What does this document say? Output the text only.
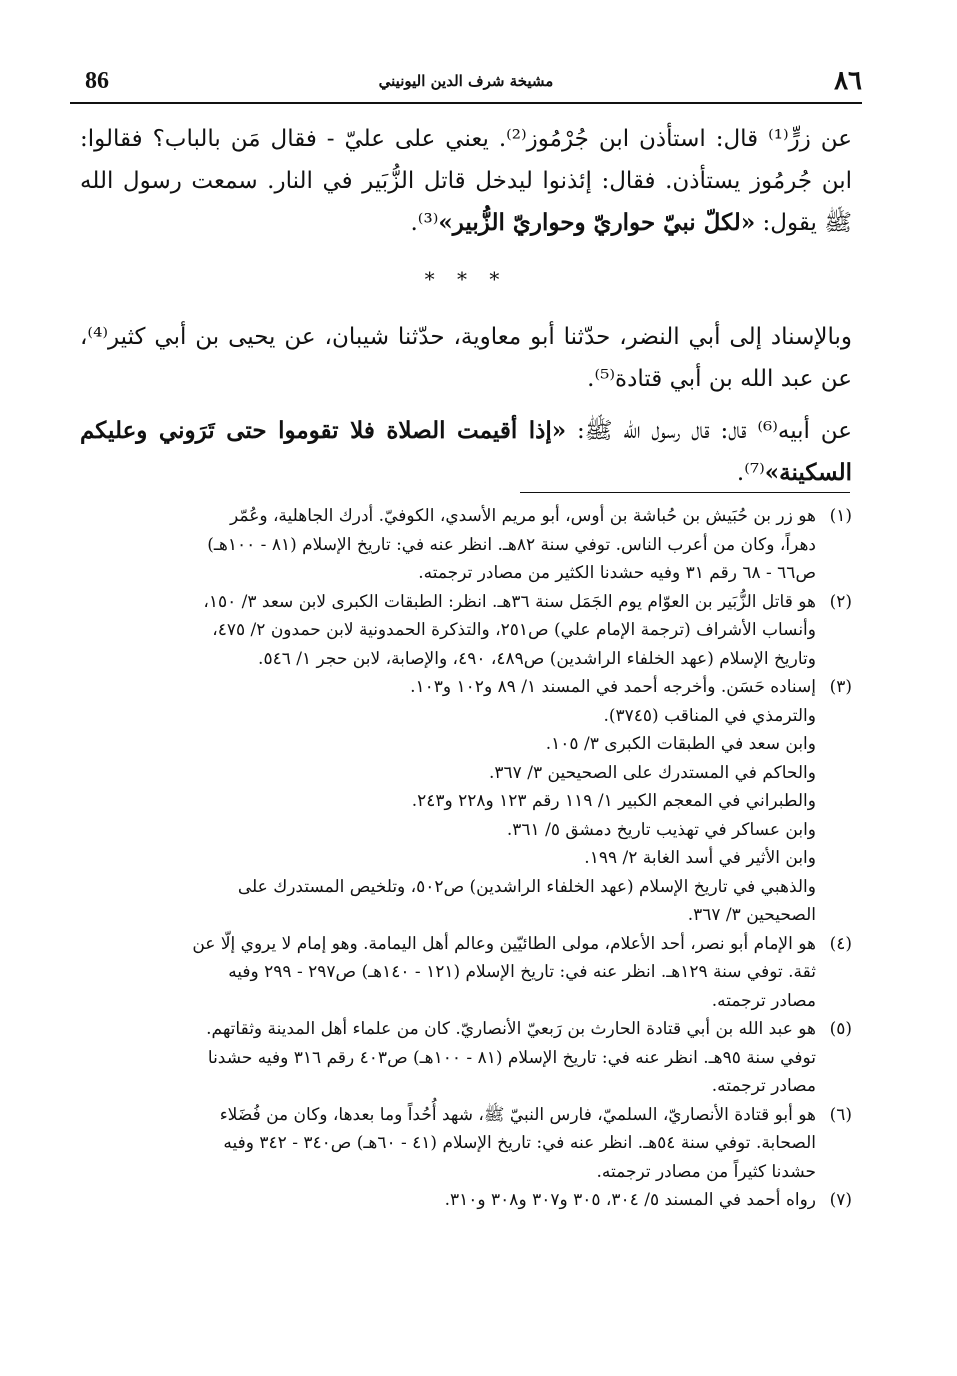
86	مشيخة شرف الدين اليونيني	٨٦

عن زرٍّ⁽¹⁾ قال: استأذن ابن جُرْمُوز⁽²⁾. يعني على عليّ - فقال مَن بالباب؟ فقالوا: ابن جُرمُوز يستأذن. فقال: إئذنوا ليدخل قاتل الزُّبَير في النار. سمعت رسول الله ﷺ يقول: «لكلّ نبيّ حواريّ وحواريّ الزُّبير»⁽³⁾.

* * *

وبالإسناد إلى أبي النضر، حدّثنا أبو معاوية، حدّثنا شيبان، عن يحيى بن أبي كثير⁽⁴⁾، عن عبد الله بن أبي قتادة⁽⁵⁾.

عن أبيه⁽⁶⁾ قال: قال رسول الله ﷺ: «إذا أقيمت الصلاة فلا تقوموا حتى تَرَوني وعليكم السكينة»⁽⁷⁾.

(١)
هو زر بن حُبَيش بن حُباشة بن أوس، أبو مريم الأسدي، الكوفيّ. أدرك الجاهلية، وعُمّر
دهراً، وكان من أعرب الناس. توفي سنة ٨٢هـ. انظر عنه في: تاريخ الإسلام (٨١ - ١٠٠هـ)
ص٦٦ - ٦٨ رقم ٣١ وفيه حشدنا الكثير من مصادر ترجمته.
(٢)
هو قاتل الزُّبَير بن العوّام يوم الجَمَل سنة ٣٦هـ. انظر: الطبقات الكبرى لابن سعد ٣/ ١٥٠،
وأنساب الأشراف (ترجمة الإمام علي) ص٢٥١، والتذكرة الحمدونية لابن حمدون ٢/ ٤٧٥،
وتاريخ الإسلام (عهد الخلفاء الراشدين) ص٤٨٩، ٤٩٠، والإصابة، لابن حجر ١/ ٥٤٦.
(٣)
إسناده حَسَن. وأخرجه أحمد في المسند ١/ ٨٩ و١٠٢ و١٠٣.
والترمذي في المناقب (٣٧٤٥).
وابن سعد في الطبقات الكبرى ٣/ ١٠٥.
والحاكم في المستدرك على الصحيحين ٣/ ٣٦٧.
والطبراني في المعجم الكبير ١/ ١١٩ رقم ١٢٣ و٢٢٨ و٢٤٣.
وابن عساكر في تهذيب تاريخ دمشق ٥/ ٣٦١.
وابن الأثير في أسد الغابة ٢/ ١٩٩.
والذهبي في تاريخ الإسلام (عهد الخلفاء الراشدين) ص٥٠٢، وتلخيص المستدرك على
الصحيحين ٣/ ٣٦٧.
(٤)
هو الإمام أبو نصر، أحد الأعلام، مولى الطائيّين وعالم أهل اليمامة. وهو إمام لا يروي إلّا عن
ثقة. توفي سنة ١٢٩هـ. انظر عنه في: تاريخ الإسلام (١٢١ - ١٤٠هـ) ص٢٩٧ - ٢٩٩ وفيه
مصادر ترجمته.
(٥)
هو عبد الله بن أبي قتادة الحارث بن رَبعيّ الأنصاريّ. كان من علماء أهل المدينة وثقاتهم.
توفي سنة ٩٥هـ. انظر عنه في: تاريخ الإسلام (٨١ - ١٠٠هـ) ص٤٠٣ رقم ٣١٦ وفيه حشدنا
مصادر ترجمته.
(٦)
هو أبو قتادة الأنصاريّ، السلميّ، فارس النبيّ ﷺ، شهد أُحُداً وما بعدها، وكان من فُضَلاء
الصحابة. توفي سنة ٥٤هـ. انظر عنه في: تاريخ الإسلام (٤١ - ٦٠هـ) ص٣٤٠ - ٣٤٢ وفيه
حشدنا كثيراً من مصادر ترجمته.
(٧)
رواه أحمد في المسند ٥/ ٣٠٤، ٣٠٥ و٣٠٧ و٣٠٨ و٣١٠.
